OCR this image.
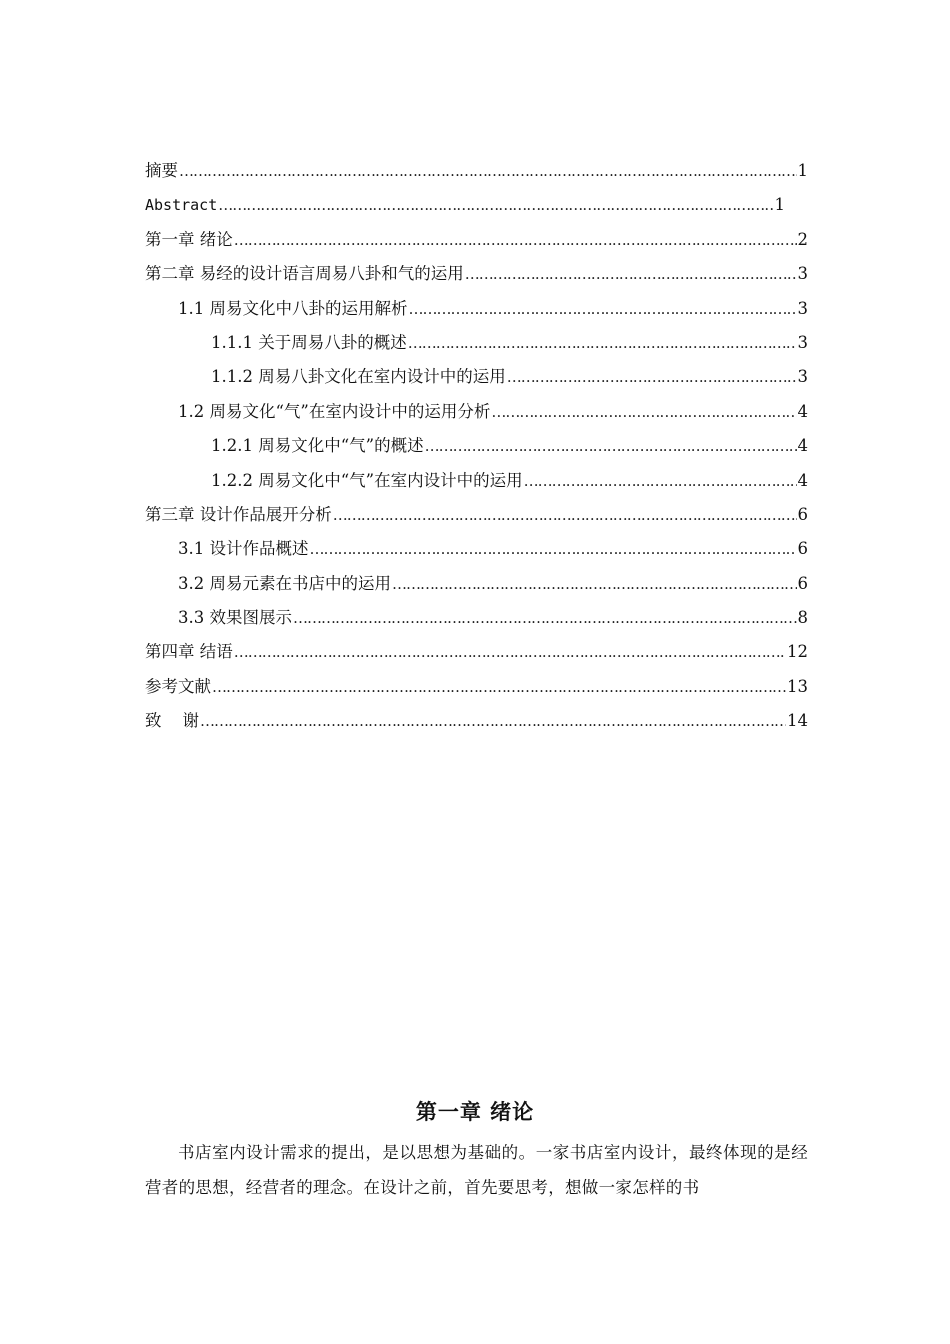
摘要 ………………………………………………………………………………………………………………………………………………………………………………	1
Abstract ………………………………………………………………………………………………………………………………………………………………………………	1
第一章 绪论 ………………………………………………………………………………………………………………………………………………………………………………	2
第二章 易经的设计语言周易八卦和气的运用 ………………………………………………………………………………………………………………………………………………………………………………	3
1.1 周易文化中八卦的运用解析 ………………………………………………………………………………………………………………………………………………………………………………	3
1.1.1 关于周易八卦的概述 ………………………………………………………………………………………………………………………………………………………………………………	3
1.1.2 周易八卦文化在室内设计中的运用 ………………………………………………………………………………………………………………………………………………………………………………	3
1.2 周易文化“气”在室内设计中的运用分析 ………………………………………………………………………………………………………………………………………………………………………………	4
1.2.1 周易文化中“气”的概述 ………………………………………………………………………………………………………………………………………………………………………………	4
1.2.2 周易文化中“气”在室内设计中的运用 ………………………………………………………………………………………………………………………………………………………………………………	4
第三章 设计作品展开分析 ………………………………………………………………………………………………………………………………………………………………………………	6
3.1 设计作品概述 ………………………………………………………………………………………………………………………………………………………………………………	6
3.2 周易元素在书店中的运用 ………………………………………………………………………………………………………………………………………………………………………………	6
3.3 效果图展示 ………………………………………………………………………………………………………………………………………………………………………………	8
第四章 结语 ………………………………………………………………………………………………………………………………………………………………………………	12
参考文献 ………………………………………………………………………………………………………………………………………………………………………………	13
致    谢 ………………………………………………………………………………………………………………………………………………………………………………	14
第一章 绪论
书店室内设计需求的提出，是以思想为基础的。一家书店室内设计，最终体现的是经营者的思想，经营者的理念。在设计之前，首先要思考，想做一家怎样的书
